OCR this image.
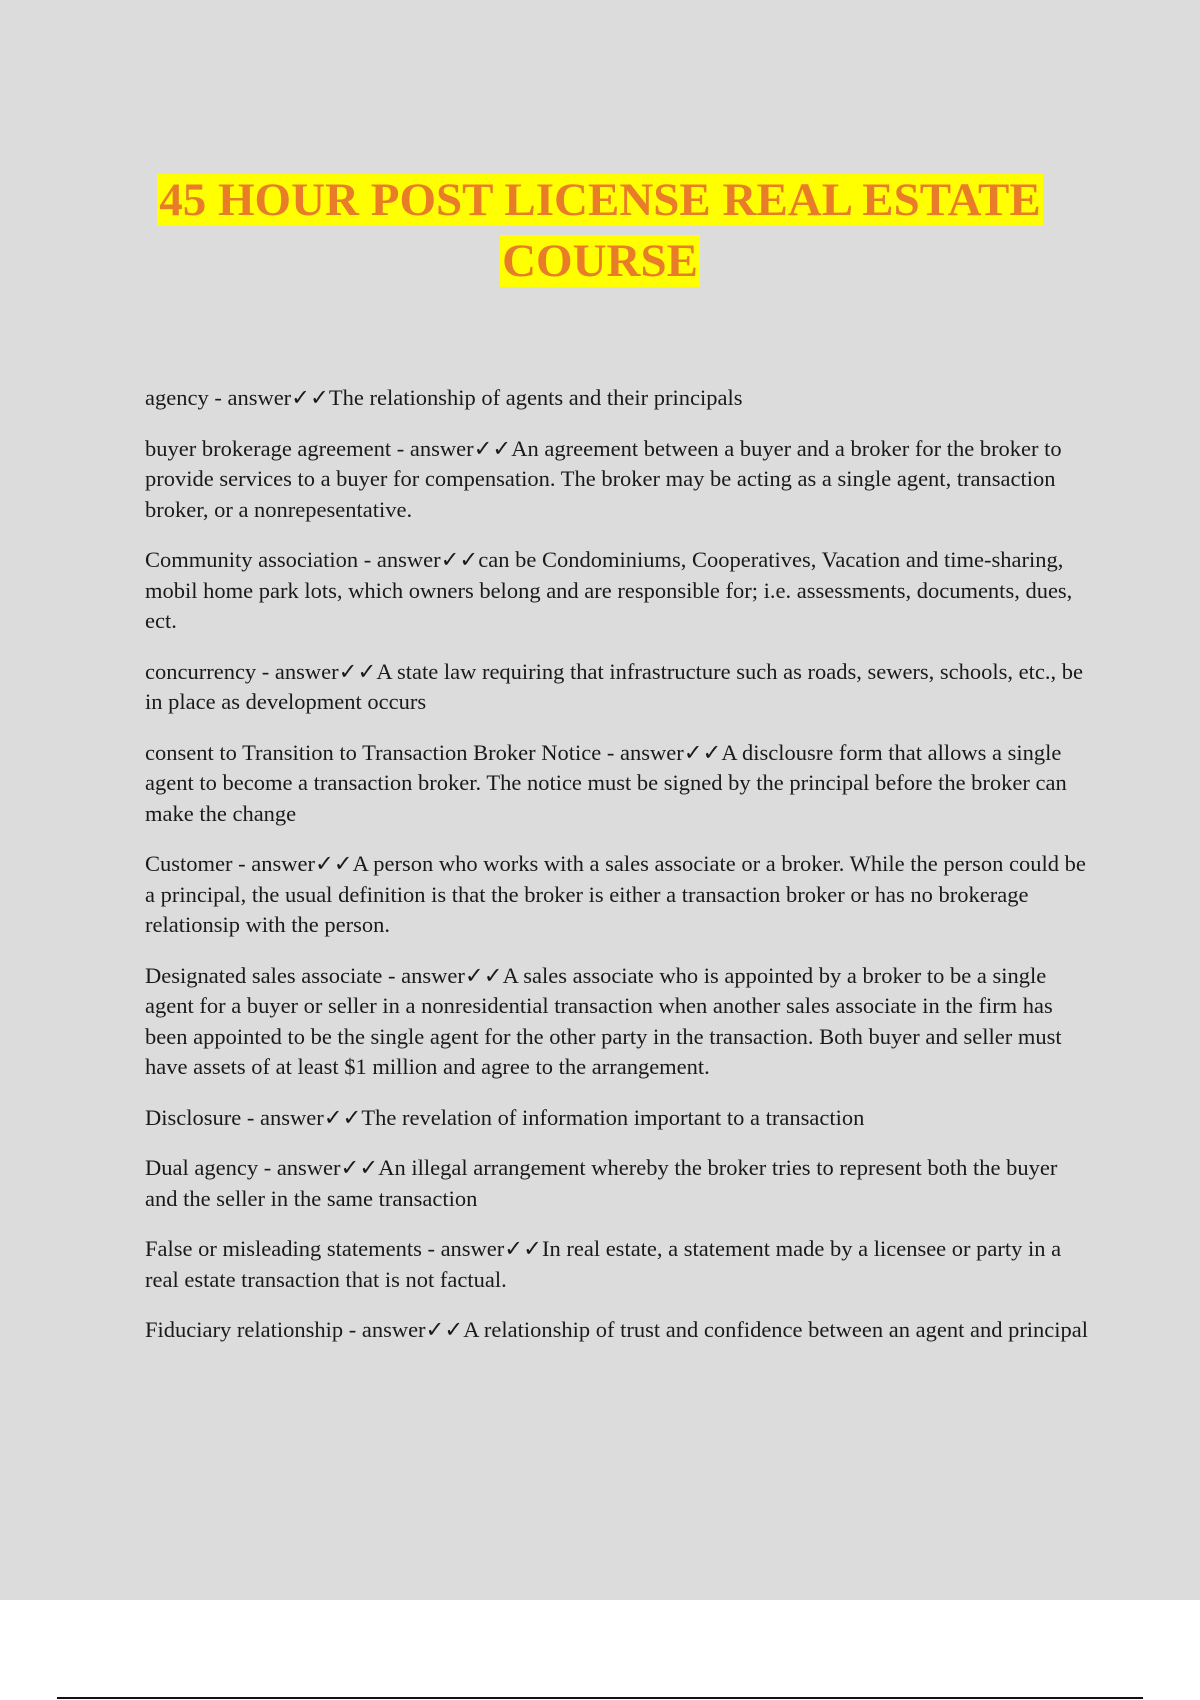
45 HOUR POST LICENSE REAL ESTATE
COURSE

agency - answer✓✓The relationship of agents and their principals

buyer brokerage agreement - answer✓✓An agreement between a buyer and a broker for the broker to provide services to a buyer for compensation. The broker may be acting as a single agent, transaction broker, or a nonrepesentative.

Community association - answer✓✓can be Condominiums, Cooperatives, Vacation and time-sharing, mobil home park lots, which owners belong and are responsible for; i.e. assessments, documents, dues, ect.

concurrency - answer✓✓A state law requiring that infrastructure such as roads, sewers, schools, etc., be in place as development occurs

consent to Transition to Transaction Broker Notice - answer✓✓A disclousre form that allows a single agent to become a transaction broker. The notice must be signed by the principal before the broker can make the change

Customer - answer✓✓A person who works with a sales associate or a broker. While the person could be a principal, the usual definition is that the broker is either a transaction broker or has no brokerage relationsip with the person.

Designated sales associate - answer✓✓A sales associate who is appointed by a broker to be a single agent for a buyer or seller in a nonresidential transaction when another sales associate in the firm has been appointed to be the single agent for the other party in the transaction. Both buyer and seller must have assets of at least $1 million and agree to the arrangement.

Disclosure - answer✓✓The revelation of information important to a transaction

Dual agency - answer✓✓An illegal arrangement whereby the broker tries to represent both the buyer and the seller in the same transaction

False or misleading statements - answer✓✓In real estate, a statement made by a licensee or party in a real estate transaction that is not factual.

Fiduciary relationship - answer✓✓A relationship of trust and confidence between an agent and principal
